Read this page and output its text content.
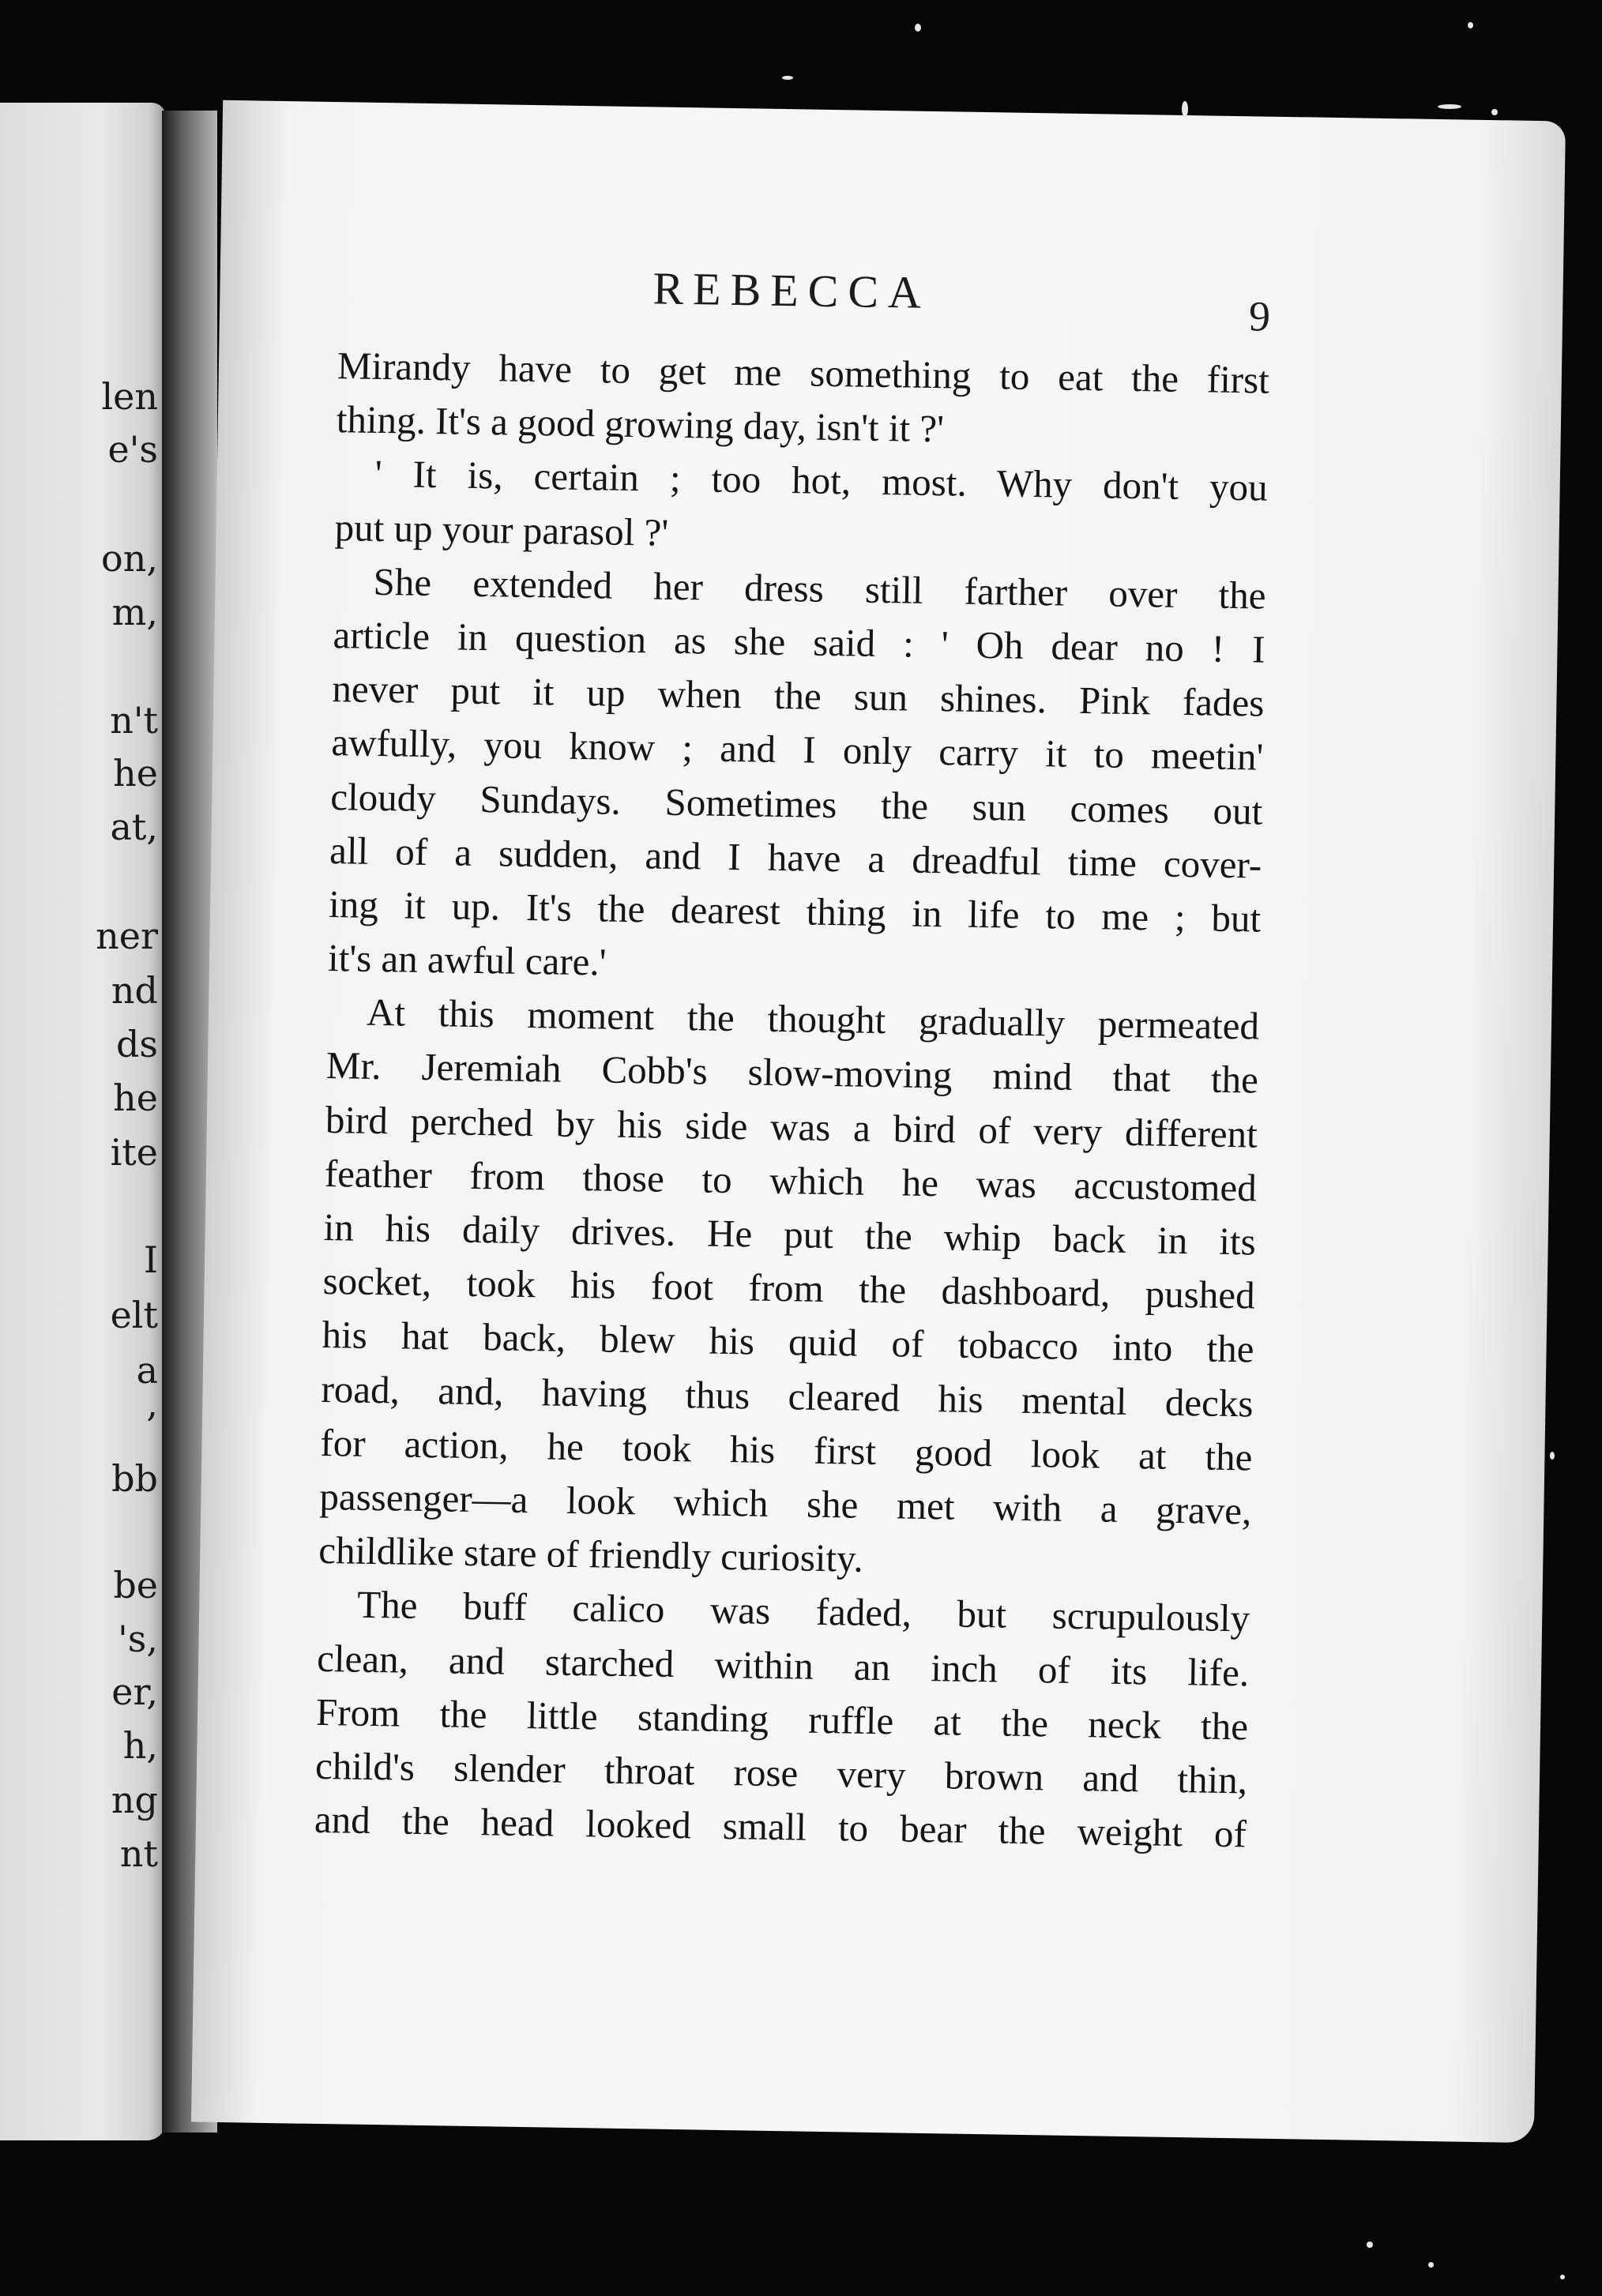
len
e's
on,
m,
n't
he
at,
ner
nd
ds
he
ite
I
elt
a
,
bb
be
's,
er,
h,
ng
nt
REBECCA	9
Mirandy have to get me something to eat the first
thing. It's a good growing day, isn't it ?'
' It is, certain ; too hot, most. Why don't you
put up your parasol ?'
She extended her dress still farther over the
article in question as she said : ' Oh dear no ! I
never put it up when the sun shines. Pink fades
awfully, you know ; and I only carry it to meetin'
cloudy Sundays. Sometimes the sun comes out
all of a sudden, and I have a dreadful time cover-
ing it up. It's the dearest thing in life to me ; but
it's an awful care.'
At this moment the thought gradually permeated
Mr. Jeremiah Cobb's slow-moving mind that the
bird perched by his side was a bird of very different
feather from those to which he was accustomed
in his daily drives. He put the whip back in its
socket, took his foot from the dashboard, pushed
his hat back, blew his quid of tobacco into the
road, and, having thus cleared his mental decks
for action, he took his first good look at the
passenger—a look which she met with a grave,
childlike stare of friendly curiosity.
The buff calico was faded, but scrupulously
clean, and starched within an inch of its life.
From the little standing ruffle at the neck the
child's slender throat rose very brown and thin,
and the head looked small to bear the weight of
